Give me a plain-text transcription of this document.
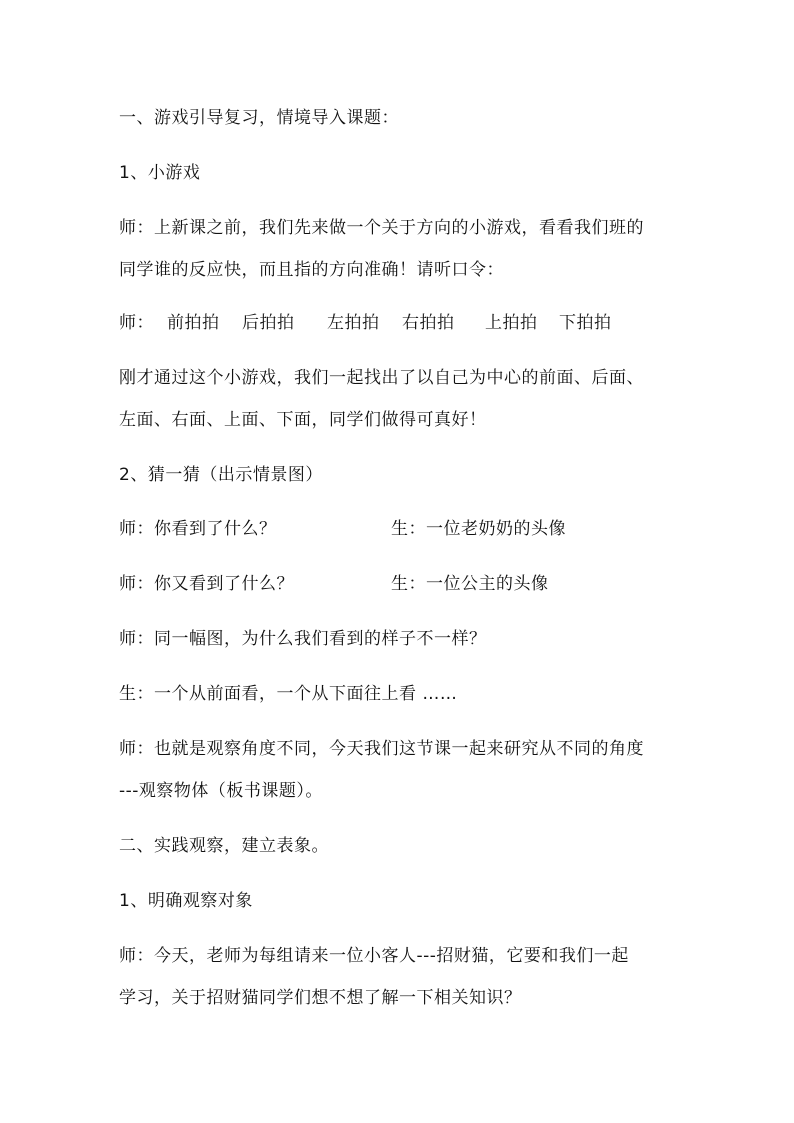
一、游戏引导复习，情境导入课题：
1、小游戏
师：上新课之前，我们先来做一个关于方向的小游戏，看看我们班的
同学谁的反应快，而且指的方向准确！请听口令：
师： 前拍拍 后拍拍 左拍拍 右拍拍 上拍拍 下拍拍
刚才通过这个小游戏，我们一起找出了以自己为中心的前面、后面、
左面、右面、上面、下面，同学们做得可真好！
2、猜一猜（出示情景图）
师：你看到了什么？	生：一位老奶奶的头像
师：你又看到了什么？	生：一位公主的头像
师：同一幅图，为什么我们看到的样子不一样？
生：一个从前面看，一个从下面往上看 ……
师：也就是观察角度不同，今天我们这节课一起来研究从不同的角度
---观察物体（板书课题）。
二、实践观察，建立表象。
1、明确观察对象
师：今天，老师为每组请来一位小客人---招财猫，它要和我们一起
学习，关于招财猫同学们想不想了解一下相关知识？
